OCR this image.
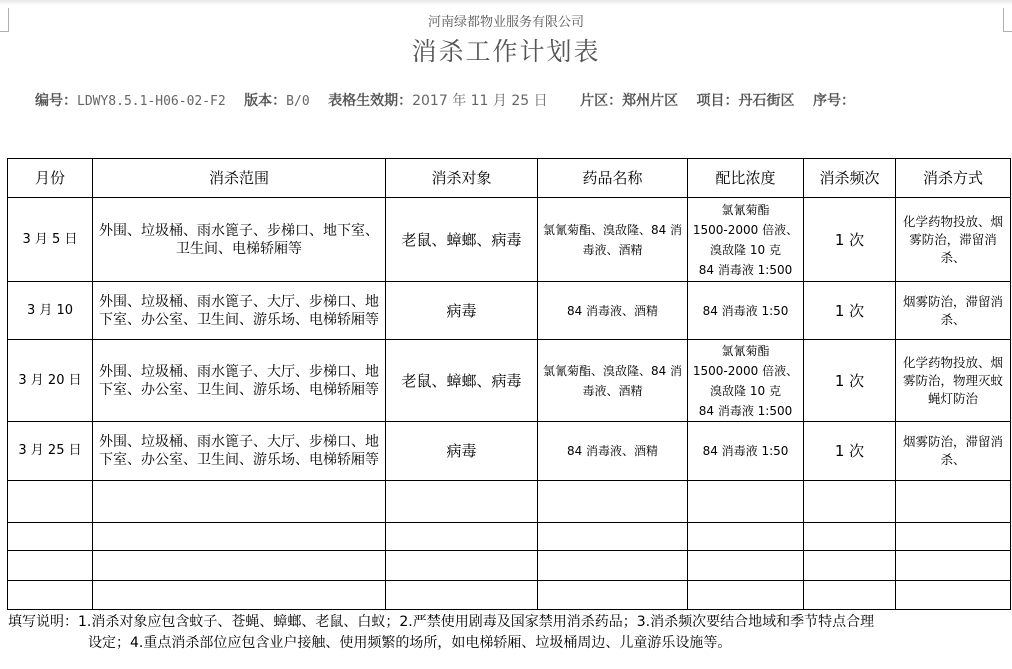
河南绿都物业服务有限公司
消杀工作计划表
编号：LDWY8.5.1-H06-02-F2 版本：B/0 表格生效期：2017 年 11 月 25 日 片区：郑州片区 项目：丹石街区 序号：
月份	消杀范围	消杀对象	药品名称	配比浓度	消杀频次	消杀方式
3 月 5 日	外围、垃圾桶、雨水篦子、步梯口、地下室、卫生间、电梯轿厢等	老鼠、蟑螂、病毒	氯氰菊酯、溴敌隆、84 消毒液、酒精	氯氰菊酯
1500-2000 倍液、
溴敌隆 10 克
84 消毒液 1:500	1 次	化学药物投放、烟雾防治，滞留消杀、
3 月 10	外围、垃圾桶、雨水篦子、大厅、步梯口、地下室、办公室、卫生间、游乐场、电梯轿厢等	病毒	84 消毒液、酒精	84 消毒液 1:50	1 次	烟雾防治，滞留消杀、
3 月 20 日	外围、垃圾桶、雨水篦子、大厅、步梯口、地下室、办公室、卫生间、游乐场、电梯轿厢等	老鼠、蟑螂、病毒	氯氰菊酯、溴敌隆、84 消毒液、酒精	氯氰菊酯
1500-2000 倍液、
溴敌隆 10 克
84 消毒液 1:500	1 次	化学药物投放、烟雾防治，物理灭蚊蝇灯防治
3 月 25 日	外围、垃圾桶、雨水篦子、大厅、步梯口、地下室、办公室、卫生间、游乐场、电梯轿厢等	病毒	84 消毒液、酒精	84 消毒液 1:50	1 次	烟雾防治，滞留消杀、

填写说明：1.消杀对象应包含蚊子、苍蝇、蟑螂、老鼠、白蚁；2.严禁使用剧毒及国家禁用消杀药品；3.消杀频次要结合地域和季节特点合理
设定；4.重点消杀部位应包含业户接触、使用频繁的场所，如电梯轿厢、垃圾桶周边、儿童游乐设施等。
